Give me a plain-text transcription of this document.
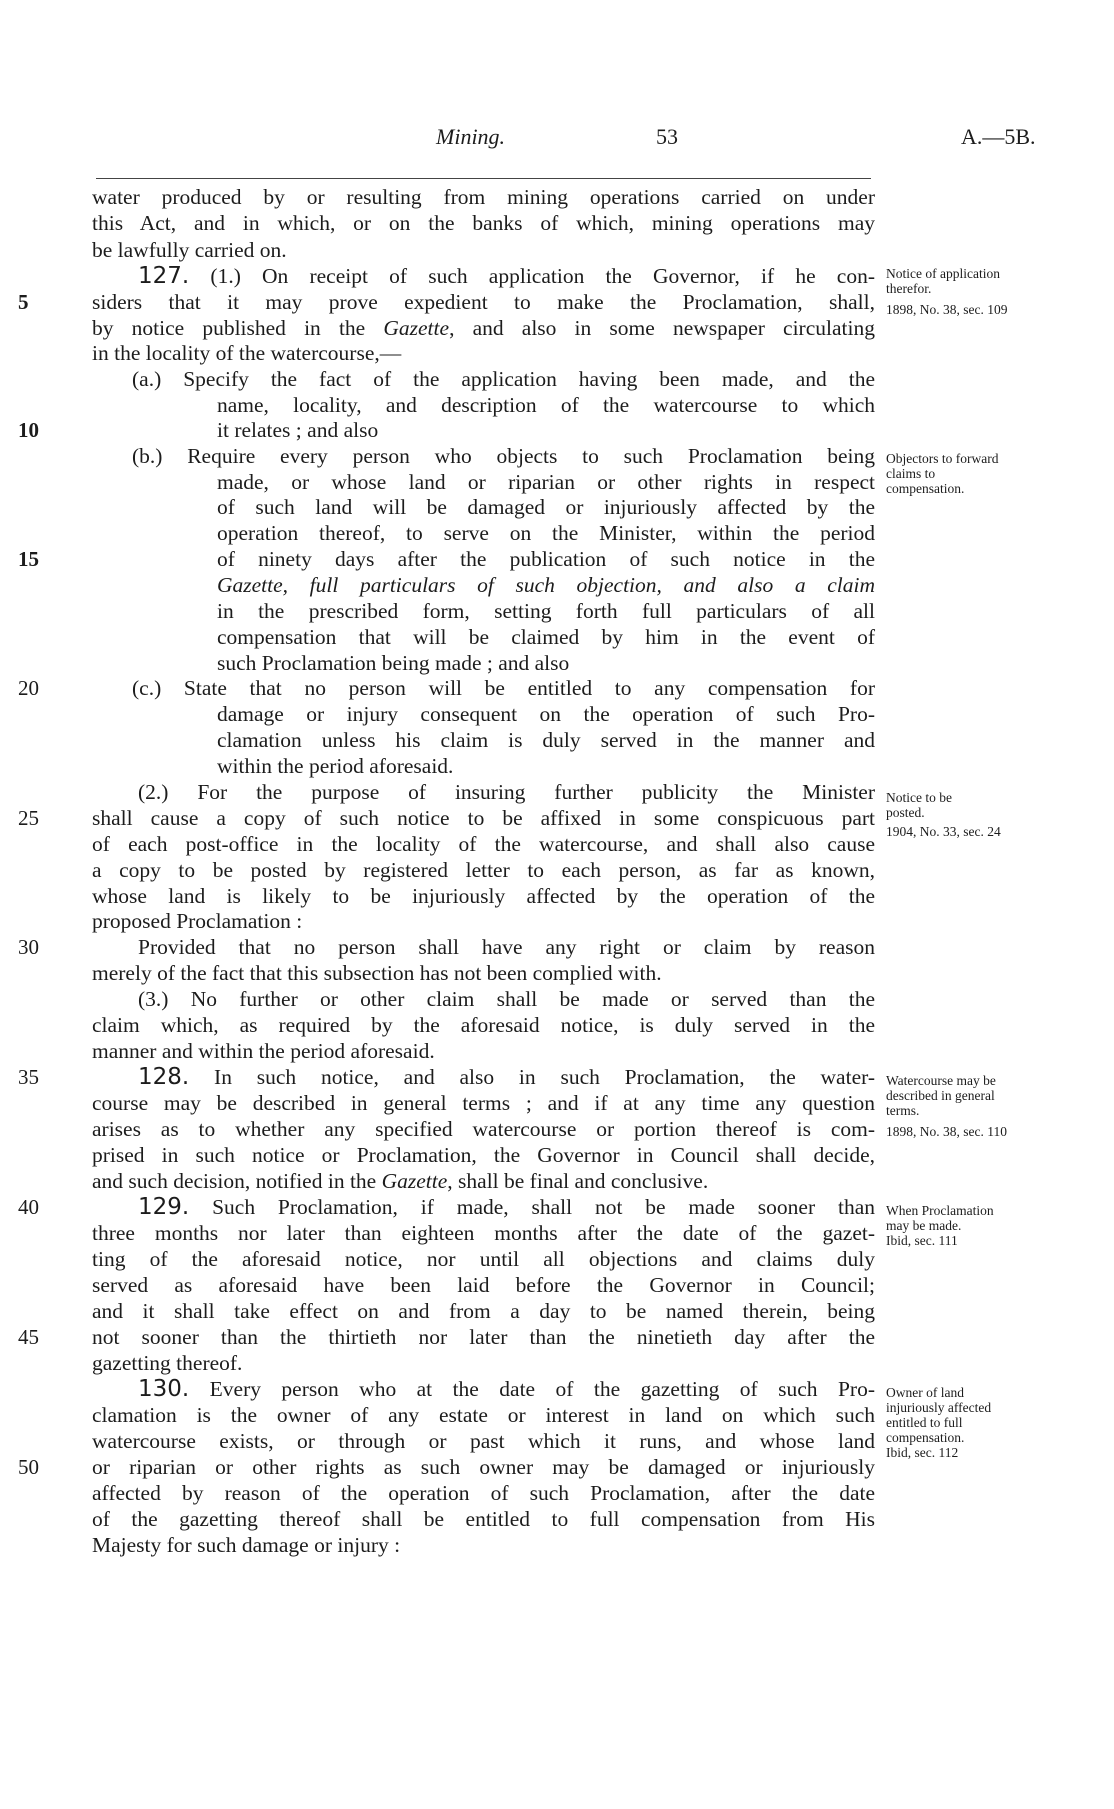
Mining.	53	A.—5B.
water produced by or resulting from mining operations carried on under
this Act, and in which, or on the banks of which, mining operations may
be lawfully carried on.
127. (1.) On receipt of such application the Governor, if he con-
siders that it may prove expedient to make the Proclamation, shall,
by notice published in the Gazette, and also in some newspaper circulating
in the locality of the watercourse,—
(a.) Specify the fact of the application having been made, and the
name, locality, and description of the watercourse to which
it relates ; and also
(b.) Require every person who objects to such Proclamation being
made, or whose land or riparian or other rights in respect
of such land will be damaged or injuriously affected by the
operation thereof, to serve on the Minister, within the period
of ninety days after the publication of such notice in the
Gazette, full particulars of such objection, and also a claim
in the prescribed form, setting forth full particulars of all
compensation that will be claimed by him in the event of
such Proclamation being made ; and also
(c.) State that no person will be entitled to any compensation for
damage or injury consequent on the operation of such Pro-
clamation unless his claim is duly served in the manner and
within the period aforesaid.
(2.) For the purpose of insuring further publicity the Minister
shall cause a copy of such notice to be affixed in some conspicuous part
of each post-office in the locality of the watercourse, and shall also cause
a copy to be posted by registered letter to each person, as far as known,
whose land is likely to be injuriously affected by the operation of the
proposed Proclamation :
Provided that no person shall have any right or claim by reason
merely of the fact that this subsection has not been complied with.
(3.) No further or other claim shall be made or served than the
claim which, as required by the aforesaid notice, is duly served in the
manner and within the period aforesaid.
128. In such notice, and also in such Proclamation, the water-
course may be described in general terms ; and if at any time any question
arises as to whether any specified watercourse or portion thereof is com-
prised in such notice or Proclamation, the Governor in Council shall decide,
and such decision, notified in the Gazette, shall be final and conclusive.
129. Such Proclamation, if made, shall not be made sooner than
three months nor later than eighteen months after the date of the gazet-
ting of the aforesaid notice, nor until all objections and claims duly
served as aforesaid have been laid before the Governor in Council;
and it shall take effect on and from a day to be named therein, being
not sooner than the thirtieth nor later than the ninetieth day after the
gazetting thereof.
130. Every person who at the date of the gazetting of such Pro-
clamation is the owner of any estate or interest in land on which such
watercourse exists, or through or past which it runs, and whose land
or riparian or other rights as such owner may be damaged or injuriously
affected by reason of the operation of such Proclamation, after the date
of the gazetting thereof shall be entitled to full compensation from His
Majesty for such damage or injury :
5
10
15
20
25
30
35
40
45
50
Notice of application
therefor.
1898, No. 38, sec. 109
Objectors to forward
claims to
compensation.
Notice to be
posted.
1904, No. 33, sec. 24
Watercourse may be
described in general
terms.
1898, No. 38, sec. 110
When Proclamation
may be made.
Ibid, sec. 111
Owner of land
injuriously affected
entitled to full
compensation.
Ibid, sec. 112
